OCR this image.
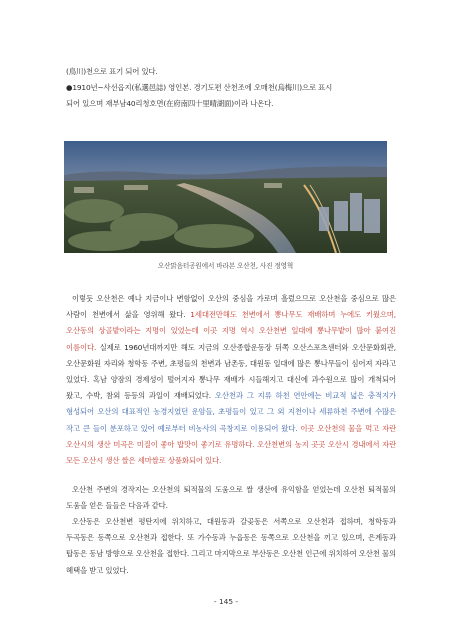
(鳥川)천으로 표기 되어 있다.
●1910년~사선읍지(私選邑誌) 영인본. 경기도편 산천조에 오매천(烏梅川)으로 표시
되어 있으며 재부남40리청호면(在府南四十里晴湖面)이라 나온다.
오산맑음터공원에서 바라본 오산천, 사진 정영혁
이렇듯 오산천은 예나 지금이나 변함없이 오산의 중심을 가로며 흘렀으므로 오산천을 중심으로 많은 사람이 천변에서 삶을 영위해 왔다. 1세대전만해도 천변에서 뽕나무도 재배하며 누에도 키웠으며, 오산동의 상골밭이라는 지명이 있었는데 이곳 지명 역시 오산천변 일대에 뽕나무밭이 많아 붙여진 이름이다. 실제로 1960년대까지만 해도 지금의 오산종합운동장 뒤쪽 오산스포츠센터와 오산문화회관, 오산문화원 자리와 청학동 주변, 초평들의 천변과 남촌동, 대원동 일대에 많은 뽕나무들이 심어져 자라고 있었다. 혹남 양잠의 경제성이 떨어지자 뽕나무 재배가 시들해지고 대신에 과수원으로 많이 개척되어 왔고, 수박, 참외 등등의 과일이 재배되었다. 오산천과 그 지류 하천 연안에는 비교적 넓은 충적지가 형성되어 오산의 대표적인 농경지였던 운암들, 초평들이 있고 그 외 지천이나 세류하천 주변에 수많은 작고 큰 들이 분포하고 있어 예로부터 비농사의 곡창지로 이용되어 왔다. 이곳 오산천의 물을 먹고 자란 오산시의 생산 미곡은 미질이 좋아 밥맛이 좋기로 유명하다. 오산천변의 농지 곳곳 오산시 경내에서 자란 모든 오산시 생산 쌀은 세마쌀로 상품화되어 있다.
오산천 주변의 경작지는 오산천의 퇴적물의 도움으로 쌀 생산에 유익함을 얻었는데 오산천 퇴적물의 도움을 얻은 들들은 다음과 같다.
오산동은 오산천변 평탄지에 위치하고, 대원동과 갈곶동은 서쪽으로 오산천과 접하며, 청학동과 두곡동은 동쪽으로 오산천과 접한다. 또 가수동과 누읍동은 동쪽으로 오산천을 끼고 있으며, 은계동과 탑동은 동남 방향으로 오산천을 접한다. 그리고 마지막으로 부산동은 오산천 인근에 위치하여 오산천 물의 혜택을 받고 있었다.
- 145 -
